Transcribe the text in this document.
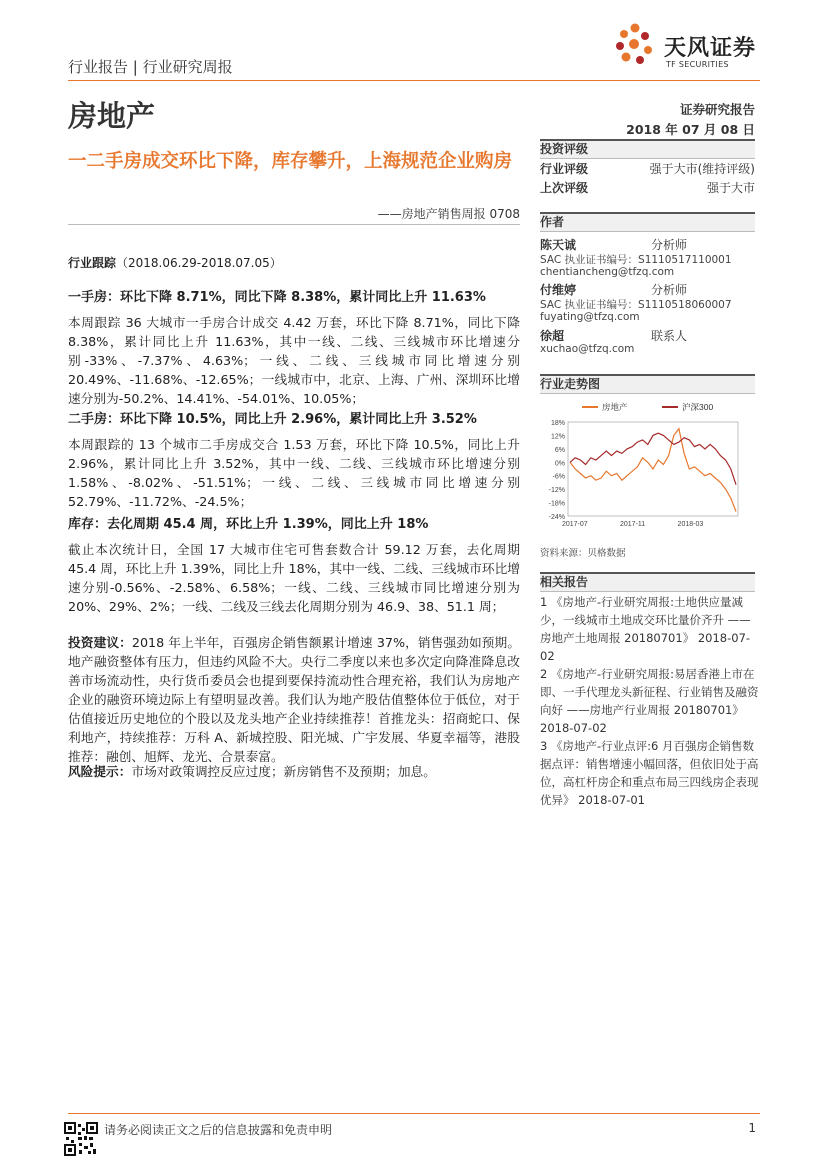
天风证券
TF SECURITIES
行业报告 | 行业研究周报
房地产
一二手房成交环比下降，库存攀升，上海规范企业购房
——房地产销售周报 0708
证券研究报告
2018 年 07 月 08 日
投资评级
行业评级	强于大市(维持评级)
上次评级	强于大市
作者
陈天诚	分析师
SAC 执业证书编号：S1110517110001
chentiancheng@tfzq.com
付维婷	分析师
SAC 执业证书编号：S1110518060007
fuyating@tfzq.com
徐超	联系人
xuchao@tfzq.com
行业走势图
房地产	沪深300
18%
12%
6%
0%
-6%
-12%
-18%
-24%
2017-07	2017-11	2018-03
资料来源：贝格数据
相关报告
1 《房地产-行业研究周报:土地供应量减少，一线城市土地成交环比量价齐升 ——房地产土地周报 20180701》 2018-07-02
2 《房地产-行业研究周报:易居香港上市在即、一手代理龙头新征程、行业销售及融资向好 ——房地产行业周报 20180701》 2018-07-02
3 《房地产-行业点评:6 月百强房企销售数据点评：销售增速小幅回落，但依旧处于高位，高杠杆房企和重点布局三四线房企表现优异》 2018-07-01
行业跟踪（2018.06.29-2018.07.05）
一手房：环比下降 8.71%，同比下降 8.38%，累计同比上升 11.63%
本周跟踪 36 大城市一手房合计成交 4.42 万套，环比下降 8.71%，同比下降 8.38%，累计同比上升 11.63%，其中一线、二线、三线城市环比增速分别-33%、-7.37%、4.63%；一线、二线、三线城市同比增速分别 20.49%、-11.68%、-12.65%；一线城市中，北京、上海、广州、深圳环比增速分别为-50.2%、14.41%、-54.01%、10.05%；
二手房：环比下降 10.5%，同比上升 2.96%，累计同比上升 3.52%
本周跟踪的 13 个城市二手房成交合 1.53 万套，环比下降 10.5%，同比上升 2.96%，累计同比上升 3.52%，其中一线、二线、三线城市环比增速分别 1.58%、-8.02%、-51.51%；一线、二线、三线城市同比增速分别 52.79%、-11.72%、-24.5%；
库存：去化周期 45.4 周，环比上升 1.39%，同比上升 18%
截止本次统计日，全国 17 大城市住宅可售套数合计 59.12 万套，去化周期 45.4 周，环比上升 1.39%，同比上升 18%，其中一线、二线、三线城市环比增速分别-0.56%、-2.58%、6.58%；一线、二线、三线城市同比增速分别为 20%、29%、2%；一线、二线及三线去化周期分别为 46.9、38、51.1 周；
投资建议：2018 年上半年，百强房企销售额累计增速 37%，销售强劲如预期。地产融资整体有压力，但违约风险不大。央行二季度以来也多次定向降准降息改善市场流动性，央行货币委员会也提到要保持流动性合理充裕，我们认为房地产企业的融资环境边际上有望明显改善。我们认为地产股估值整体位于低位，对于估值接近历史地位的个股以及龙头地产企业持续推荐！首推龙头：招商蛇口、保利地产，持续推荐：万科 A、新城控股、阳光城、广宇发展、华夏幸福等，港股推荐：融创、旭辉、龙光、合景泰富。
风险提示：市场对政策调控反应过度；新房销售不及预期；加息。
请务必阅读正文之后的信息披露和免责申明	1
